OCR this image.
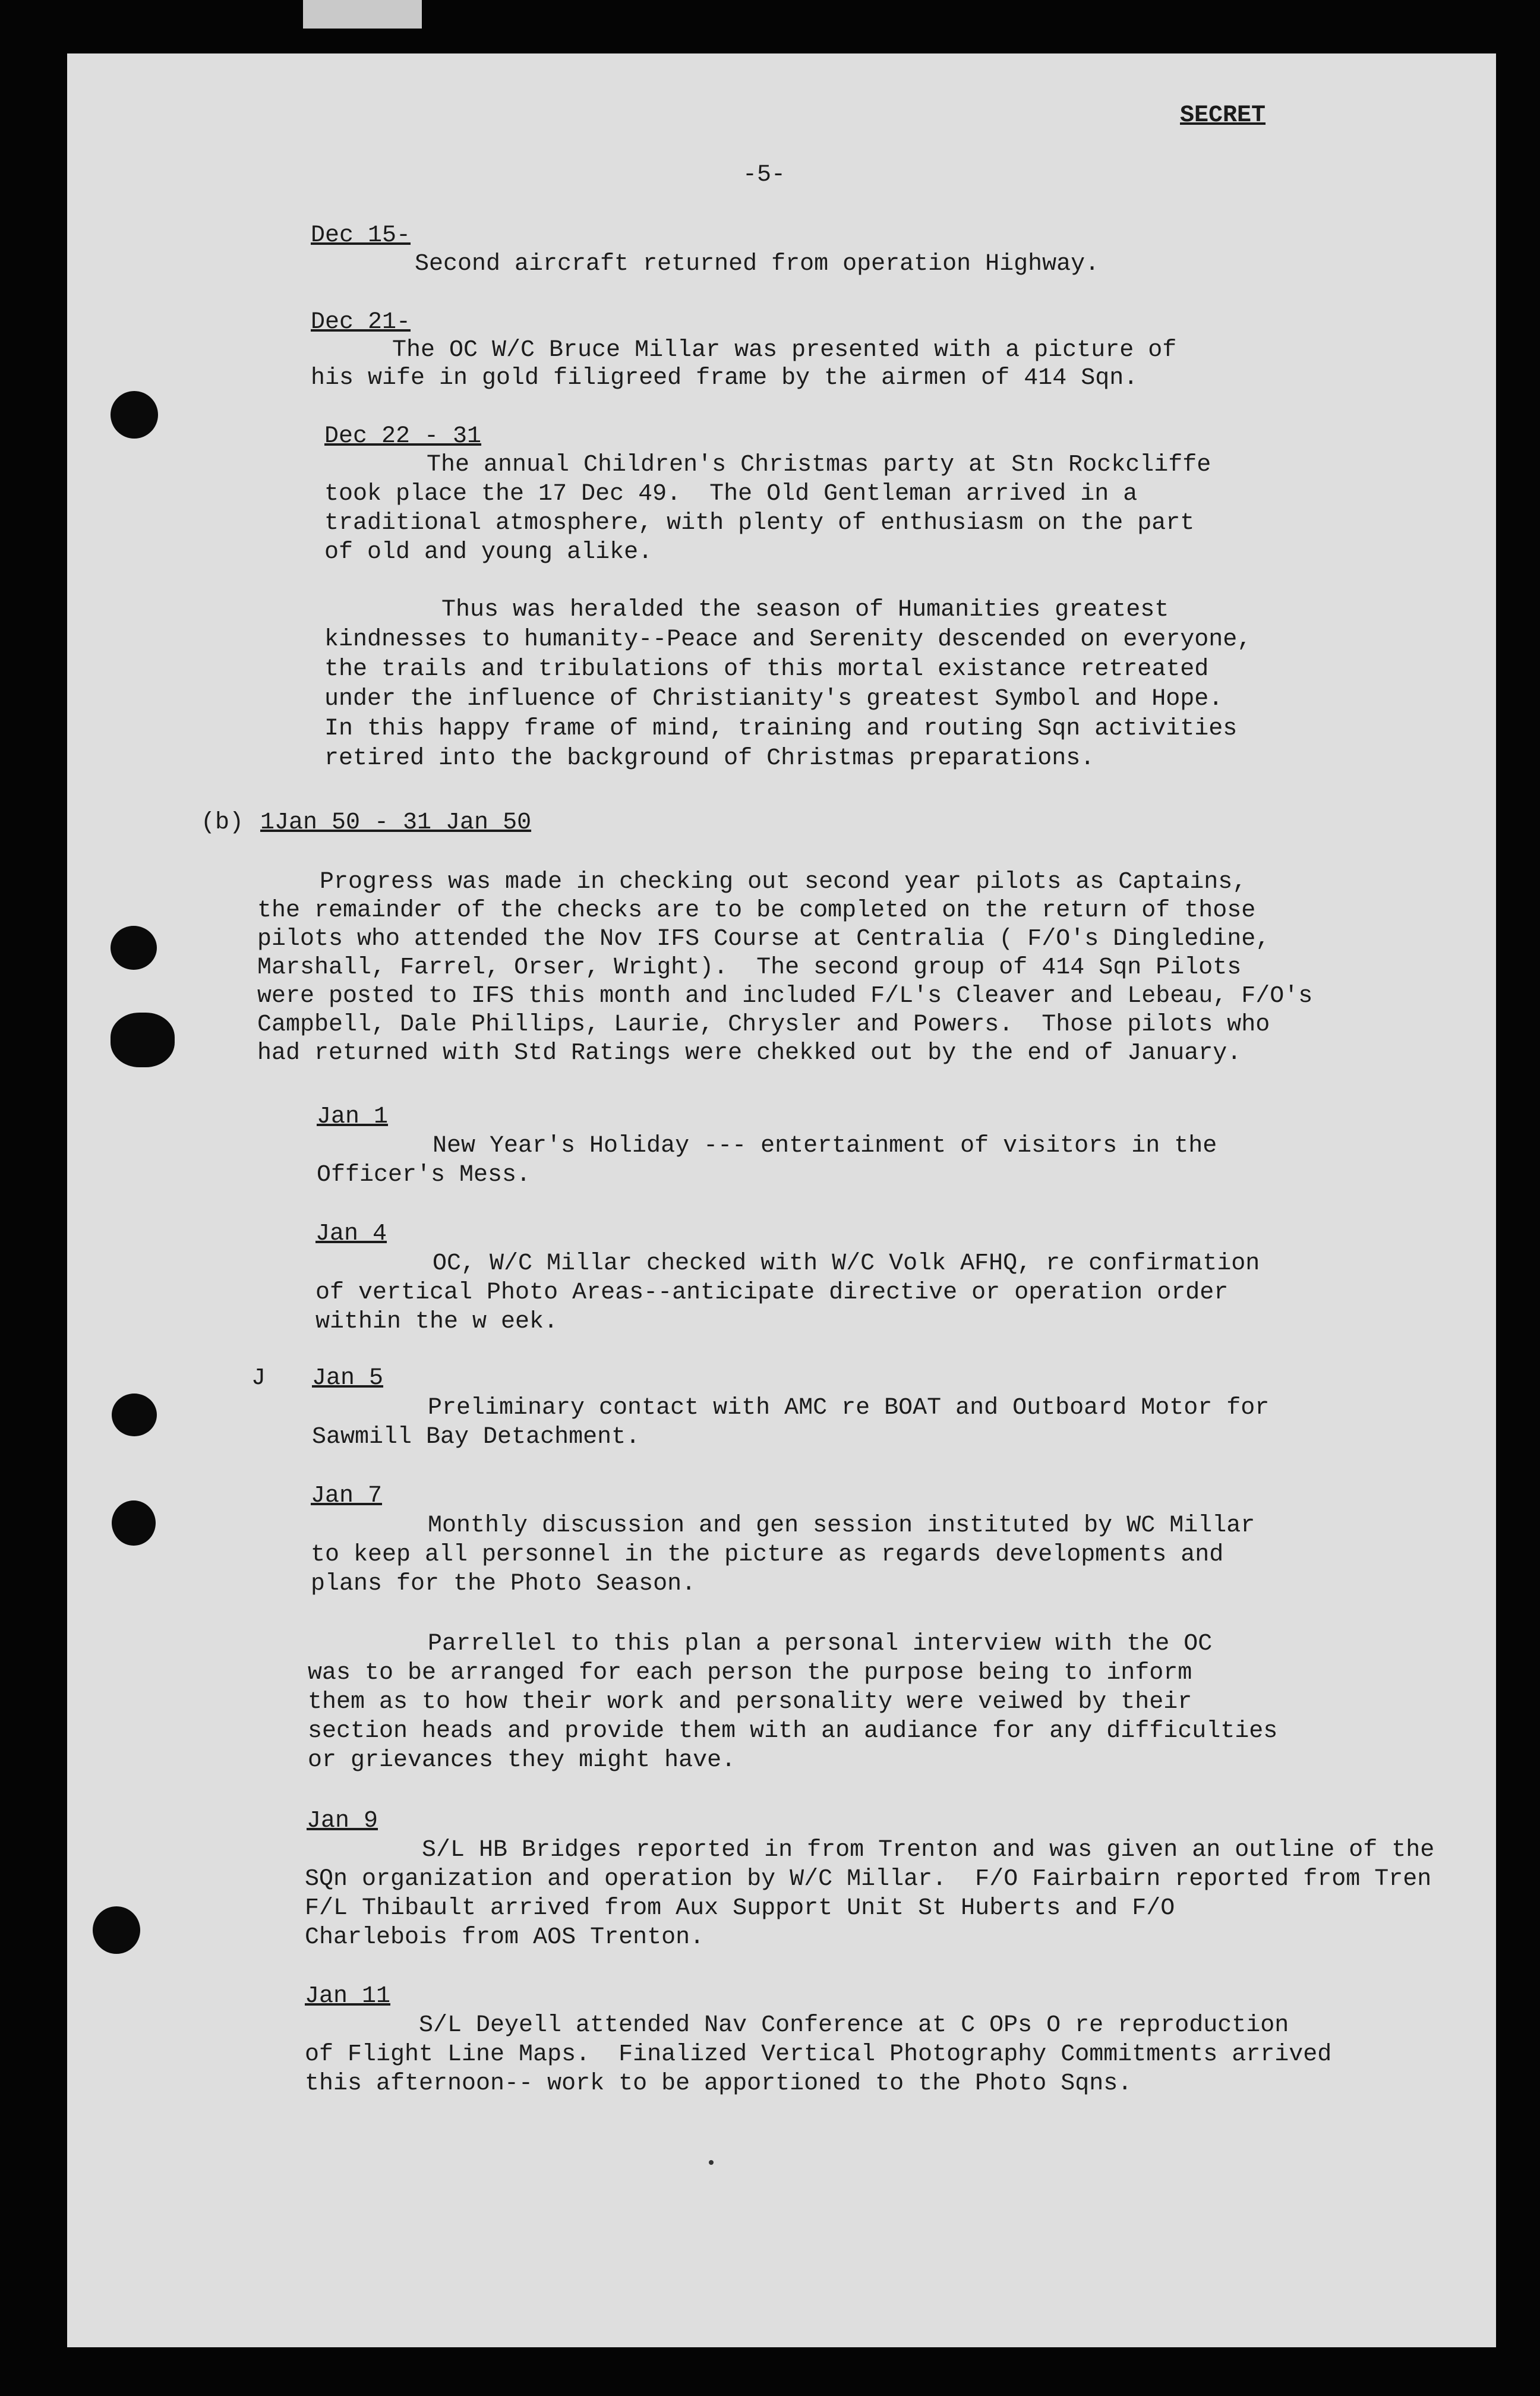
SECRET

-5-

Dec 15-

Second aircraft returned from operation Highway.

Dec 21-

The OC W/C Bruce Millar was presented with a picture of

his wife in gold filigreed frame by the airmen of 414 Sqn.

Dec 22 - 31

The annual Children's Christmas party at Stn Rockcliffe

took place the 17 Dec 49.  The Old Gentleman arrived in a

traditional atmosphere, with plenty of enthusiasm on the part

of old and young alike.

Thus was heralded the season of Humanities greatest

kindnesses to humanity--Peace and Serenity descended on everyone,

the trails and tribulations of this mortal existance retreated

under the influence of Christianity's greatest Symbol and Hope.

In this happy frame of mind, training and routing Sqn activities

retired into the background of Christmas preparations.

(b) 1Jan 50 - 31 Jan 50

Progress was made in checking out second year pilots as Captains,

the remainder of the checks are to be completed on the return of those

pilots who attended the Nov IFS Course at Centralia ( F/O's Dingledine,

Marshall, Farrel, Orser, Wright).  The second group of 414 Sqn Pilots

were posted to IFS this month and included F/L's Cleaver and Lebeau, F/O's

Campbell, Dale Phillips, Laurie, Chrysler and Powers.  Those pilots who

had returned with Std Ratings were chekked out by the end of January.

Jan 1

New Year's Holiday --- entertainment of visitors in the

Officer's Mess.

Jan 4

OC, W/C Millar checked with W/C Volk AFHQ, re confirmation

of vertical Photo Areas--anticipate directive or operation order

within the w eek.

J Jan 5

Preliminary contact with AMC re BOAT and Outboard Motor for

Sawmill Bay Detachment.

Jan 7

Monthly discussion and gen session instituted by WC Millar

to keep all personnel in the picture as regards developments and

plans for the Photo Season.

Parrellel to this plan a personal interview with the OC

was to be arranged for each person the purpose being to inform

them as to how their work and personality were veiwed by their

section heads and provide them with an audiance for any difficulties

or grievances they might have.

Jan 9

S/L HB Bridges reported in from Trenton and was given an outline of the

SQn organization and operation by W/C Millar.  F/O Fairbairn reported from Tren

F/L Thibault arrived from Aux Support Unit St Huberts and F/O

Charlebois from AOS Trenton.

Jan 11

S/L Deyell attended Nav Conference at C OPs O re reproduction

of Flight Line Maps.  Finalized Vertical Photography Commitments arrived

this afternoon-- work to be apportioned to the Photo Sqns.
